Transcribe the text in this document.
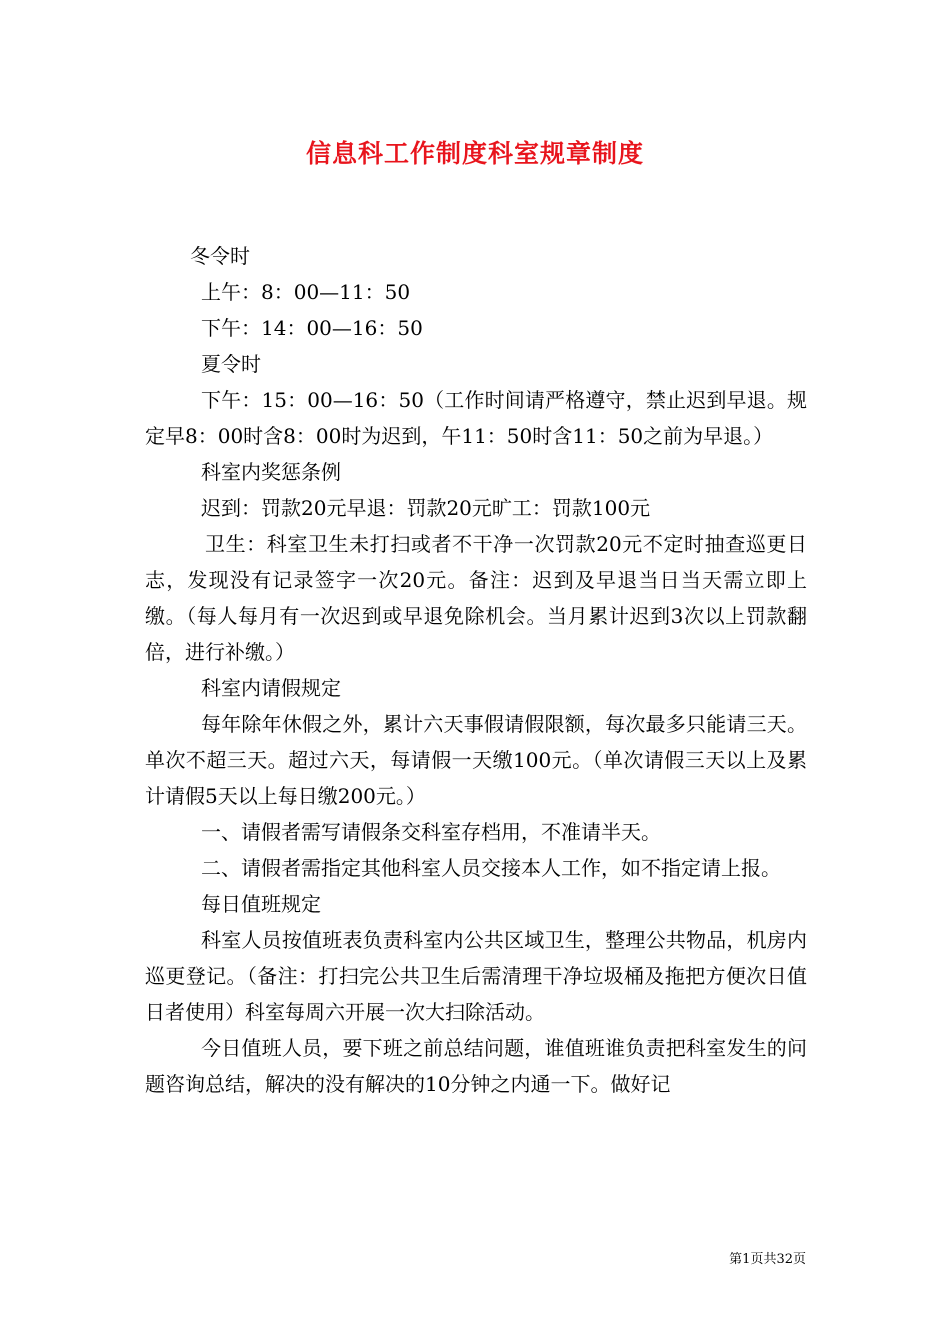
信息科工作制度科室规章制度

冬令时

上午：8：00—11：50

下午：14：00—16：50

夏令时

下午：15：00—16：50（工作时间请严格遵守，禁止迟到早退。规定早8：00时含8：00时为迟到，午11：50时含11：50之前为早退。）

科室内奖惩条例

迟到：罚款20元早退：罚款20元旷工：罚款100元

卫生：科室卫生未打扫或者不干净一次罚款20元不定时抽查巡更日志，发现没有记录签字一次20元。备注：迟到及早退当日当天需立即上缴。（每人每月有一次迟到或早退免除机会。当月累计迟到3次以上罚款翻倍，进行补缴。）

科室内请假规定

每年除年休假之外，累计六天事假请假限额，每次最多只能请三天。单次不超三天。超过六天，每请假一天缴100元。（单次请假三天以上及累计请假5天以上每日缴200元。）

一、请假者需写请假条交科室存档用，不准请半天。

二、请假者需指定其他科室人员交接本人工作，如不指定请上报。

每日值班规定

科室人员按值班表负责科室内公共区域卫生，整理公共物品，机房内巡更登记。（备注：打扫完公共卫生后需清理干净垃圾桶及拖把方便次日值日者使用）科室每周六开展一次大扫除活动。

今日值班人员，要下班之前总结问题，谁值班谁负责把科室发生的问题咨询总结，解决的没有解决的10分钟之内通一下。做好记

第1页共32页
